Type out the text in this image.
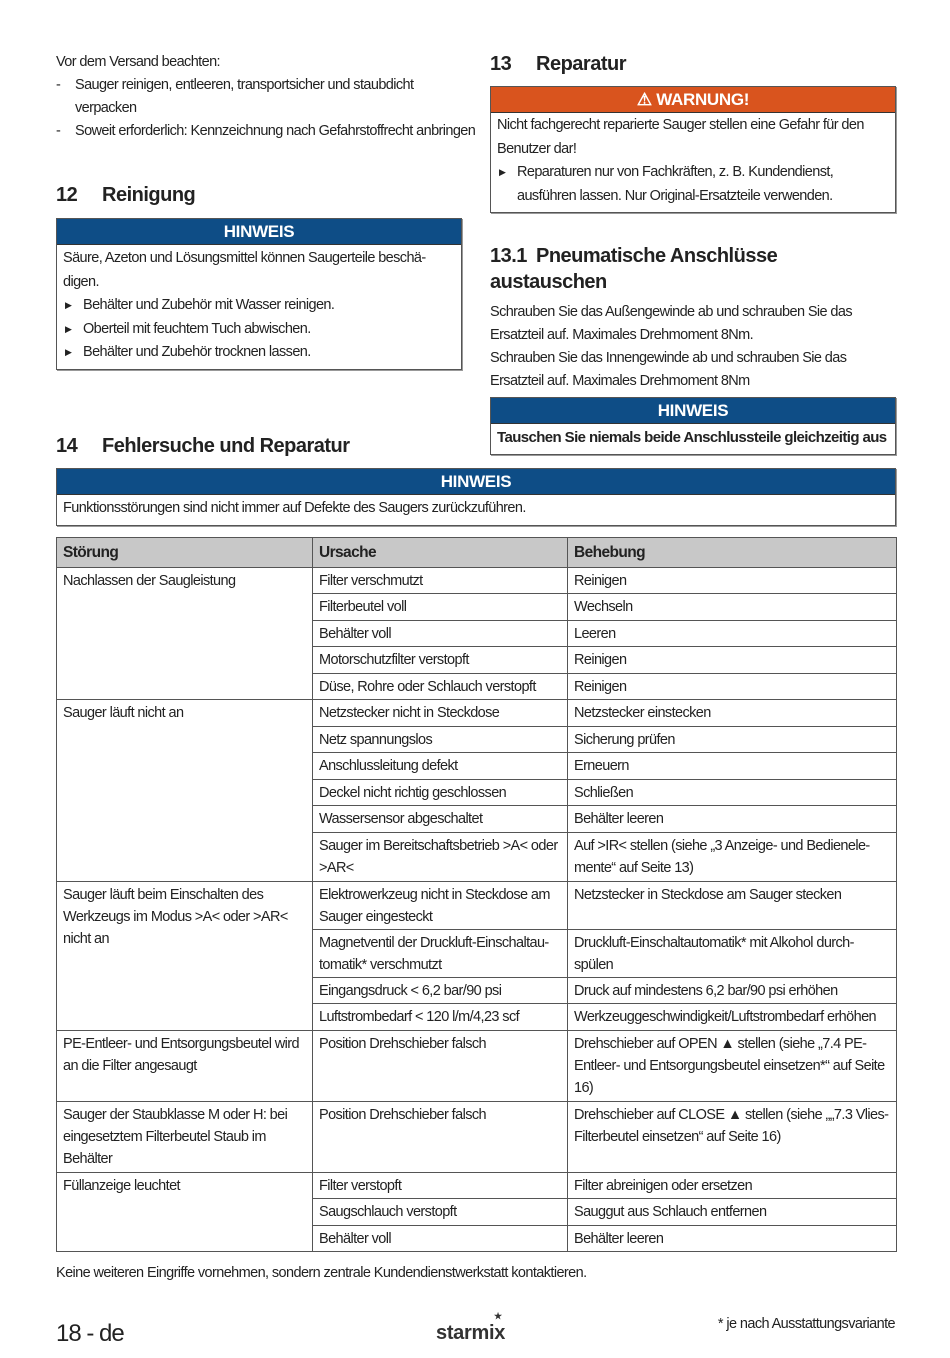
Vor dem Versand beachten:
- Sauger reinigen, entleeren, transportsicher und staubdicht verpacken
- Soweit erforderlich: Kennzeichnung nach Gefahrstoffrecht anbringen
12 Reinigung
HINWEIS
Säure, Azeton und Lösungsmittel können Saugerteile beschä-digen.
▶ Behälter und Zubehör mit Wasser reinigen.
▶ Oberteil mit feuchtem Tuch abwischen.
▶ Behälter und Zubehör trocknen lassen.
13 Reparatur
⚠ WARNUNG!
Nicht fachgerecht reparierte Sauger stellen eine Gefahr für den Benutzer dar!
▶ Reparaturen nur von Fachkräften, z. B. Kundendienst, ausführen lassen. Nur Original-Ersatzteile verwenden.
13.1 Pneumatische Anschlüsse austauschen
Schrauben Sie das Außengewinde ab und schrauben Sie das Ersatzteil auf. Maximales Drehmoment 8Nm.
Schrauben Sie das Innengewinde ab und schrauben Sie das Ersatzteil auf. Maximales Drehmoment 8Nm
HINWEIS
Tauschen Sie niemals beide Anschlussteile gleichzeitig aus
14 Fehlersuche und Reparatur
HINWEIS
Funktionsstörungen sind nicht immer auf Defekte des Saugers zurückzuführen.
Störung	Ursache	Behebung
Nachlassen der Saugleistung	Filter verschmutzt	Reinigen
	Filterbeutel voll	Wechseln
	Behälter voll	Leeren
	Motorschutzfilter verstopft	Reinigen
	Düse, Rohre oder Schlauch verstopft	Reinigen
Sauger läuft nicht an	Netzstecker nicht in Steckdose	Netzstecker einstecken
	Netz spannungslos	Sicherung prüfen
	Anschlussleitung defekt	Erneuern
	Deckel nicht richtig geschlossen	Schließen
	Wassersensor abgeschaltet	Behälter leeren
	Sauger im Bereitschaftsbetrieb >A< oder >AR<	Auf >IR< stellen (siehe „3 Anzeige- und Bedienele-mente“ auf Seite 13)
Sauger läuft beim Einschalten des Werkzeugs im Modus >A< oder >AR< nicht an	Elektrowerkzeug nicht in Steckdose am Sauger eingesteckt	Netzstecker in Steckdose am Sauger stecken
	Magnetventil der Druckluft-Einschaltau-tomatik* verschmutzt	Druckluft-Einschaltautomatik* mit Alkohol durch-spülen
	Eingangsdruck < 6,2 bar/90 psi	Druck auf mindestens 6,2 bar/90 psi erhöhen
	Luftstrombedarf < 120 l/m/4,23 scf	Werkzeuggeschwindigkeit/Luftstrombedarf erhöhen
PE-Entleer- und Entsorgungsbeutel wird an die Filter angesaugt	Position Drehschieber falsch	Drehschieber auf OPEN ▲ stellen (siehe „7.4 PE-Entleer- und Entsorgungsbeutel einsetzen*“ auf Seite 16)
Sauger der Staubklasse M oder H: bei eingesetztem Filterbeutel Staub im Behälter	Position Drehschieber falsch	Drehschieber auf CLOSE ▲ stellen (siehe „„7.3 Vlies-Filterbeutel einsetzen“ auf Seite 16)
Füllanzeige leuchtet	Filter verstopft	Filter abreinigen oder ersetzen
	Saugschlauch verstopft	Sauggut aus Schlauch entfernen
	Behälter voll	Behälter leeren
Keine weiteren Eingriffe vornehmen, sondern zentrale Kundendienstwerkstatt kontaktieren.
18 - de	starmix
★	* je nach Ausstattungsvariante
